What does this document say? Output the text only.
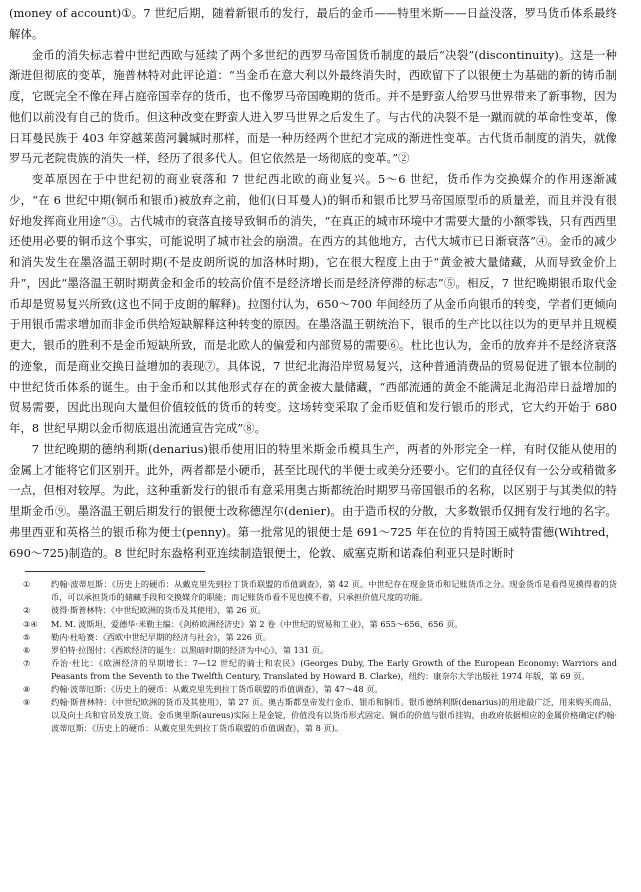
(money of account)①。7 世纪后期，随着新银币的发行，最后的金币——特里米斯——日益没落，罗马货币体系最终解体。

金币的消失标志着中世纪西欧与延续了两个多世纪的西罗马帝国货币制度的最后“决裂”(discontinuity)。这是一种渐进但彻底的变革，施普林特对此评论道：“当金币在意大利以外最终消失时，西欧留下了以银便士为基础的新的铸币制度，它既完全不像在拜占庭帝国幸存的货币，也不像罗马帝国晚期的货币。并不是野蛮人给罗马世界带来了新事物，因为他们以前没有自己的货币。但这种改变在野蛮人进入罗马世界之后发生了。与古代的决裂不是一蹴而就的革命性变革，像日耳曼民族于 403 年穿越莱茵河曩堿时那样，而是一种历经两个世纪才完成的渐进性变革。古代货币制度的消失，就像罗马元老院贵族的消失一样，经历了很多代人。但它依然是一场彻底的变革。”②

变革原因在于中世纪初的商业衰落和 7 世纪西北欧的商业复兴。5～6 世纪，货币作为交换媒介的作用逐渐减少，“在 6 世纪中期(铜币和银币)被放弃之前，他们(日耳曼人)的铜币和银币比罗马帝国原型币的质量差，而且并没有很好地发挥商业用途”③。古代城市的衰落直接导致铜币的消失，“在真正的城市环境中才需要大量的小额零钱，只有西西里还使用必要的铜币这个事实，可能说明了城市社会的崩溃。在西方的其他地方，古代大城市已日渐衰落”④。金币的减少和消失发生在墨洛温王朝时期(不是皮朗所说的加洛林时期)，它在很大程度上由于“黄金被大量储藏，从而导致金价上升”，因此“墨洛温王朝时期黄金和金币的较高价值不是经济增长而是经济停滞的标志”⑤。相反，7 世纪晚期银币取代金币却是贸易复兴所致(这也不同于皮朗的解释)。拉图付认为，650～700 年间经历了从金币向银币的转变，学者们更倾向于用银币需求增加而非金币供给短缺解释这种转变的原因。在墨洛温王朝统治下，银币的生产比以往以为的更早并且规模更大，银币的胜利不是金币短缺所致，而是北欧人的偏爱和内部贸易的需要⑥。杜比也认为，金币的放弃并不是经济衰落的迹象，而是商业交换日益增加的表现⑦。具体说，7 世纪北海沿岸贸易复兴，这种普通消费品的贸易促进了银本位制的中世纪货币体系的诞生。由于金币和以其他形式存在的黄金被大量储藏，“西部流通的黄金不能满足北海沿岸日益增加的贸易需要，因此出现向大量但价值较低的货币的转变。这场转变采取了金币贬值和发行银币的形式，它大约开始于 680 年，8 世纪早期以金币彻底退出流通宣告完成”⑧。

7 世纪晚期的德纳利斯(denarius)银币使用旧的特里米斯金币模具生产，两者的外形完全一样，有时仅能从使用的金属上才能将它们区别开。此外，两者都是小硬币，甚至比现代的半便士或美分还要小。它们的直径仅有一公分或稍微多一点，但相对较厚。为此，这种重新发行的银币有意采用奥古斯都统治时期罗马帝国银币的名称，以区别于与其类似的特里斯金币⑨。墨洛温王朝后期发行的银便士改称德涅尔(denier)。由于造币权的分散，大多数银币仅拥有发行地的名字。弗里西亚和英格兰的银币称为便士(penny)。第一批常见的银便士是 691～725 年在位的肯特国王威特雷德(Wihtred，690～725)制造的。8 世纪时东盎格利亚连续制造银便士，伦敦、威塞克斯和诺森伯利亚只是时断时

①	约翰·波蒂厄斯：《历史上的硬币：从戴克里先到拉丁货币联盟的币值调查》，第 42 页。中世纪存在现金货币和记账货币之分。现金货币是看得见摸得着的货币，可以承担货币的储藏手段和交换媒介的职能；而记账货币看不见也摸不着，只承担价值尺度的功能。
②	彼得·斯普林特：《中世纪欧洲的货币及其使用》，第 26 页。
③④	M. M. 波斯坦、爱德华·米勒主编：《剑桥欧洲经济史》第 2 卷《中世纪的贸易和工业》，第 655～656、656 页。
⑤	勒内·杜哈赛：《西欧中世纪早期的经济与社会》，第 226 页。
⑥	罗伯特·拉图付：《西欧经济的诞生：以黑暗时期的经济为中心》，第 131 页。
⑦	乔治·杜比：《欧洲经济的早期增长：7—12 世纪的骑士和农民》(Georges Duby, The Early Growth of the European Economy: Warriors and Peasants from the Seventh to the Twelfth Century, Translated by Howard B. Clarke)，纽约：康奈尔大学出版社 1974 年版，第 69 页。
⑧	约翰·波蒂厄斯：《历史上的硬币：从戴克里先到拉丁货币联盟的币值调查》，第 47～48 页。
⑨	约翰·斯普林特：《中世纪欧洲的货币及其使用》，第 27 页。奥古斯都皇帝发行金币、银币和铜币。银币德纳利斯(denarius)的用途最广泛，用来购买商品，以及向士兵和官员发放工资。金币奥里斯(aureus)实际上是金锭，价值没有以货币形式固定。铜币的价值与银币挂钩，由政府依据相应的金属价格确定(约翰·波蒂厄斯：《历史上的硬币：从戴克里先到拉丁货币联盟的币值调查》，第 8 页)。
